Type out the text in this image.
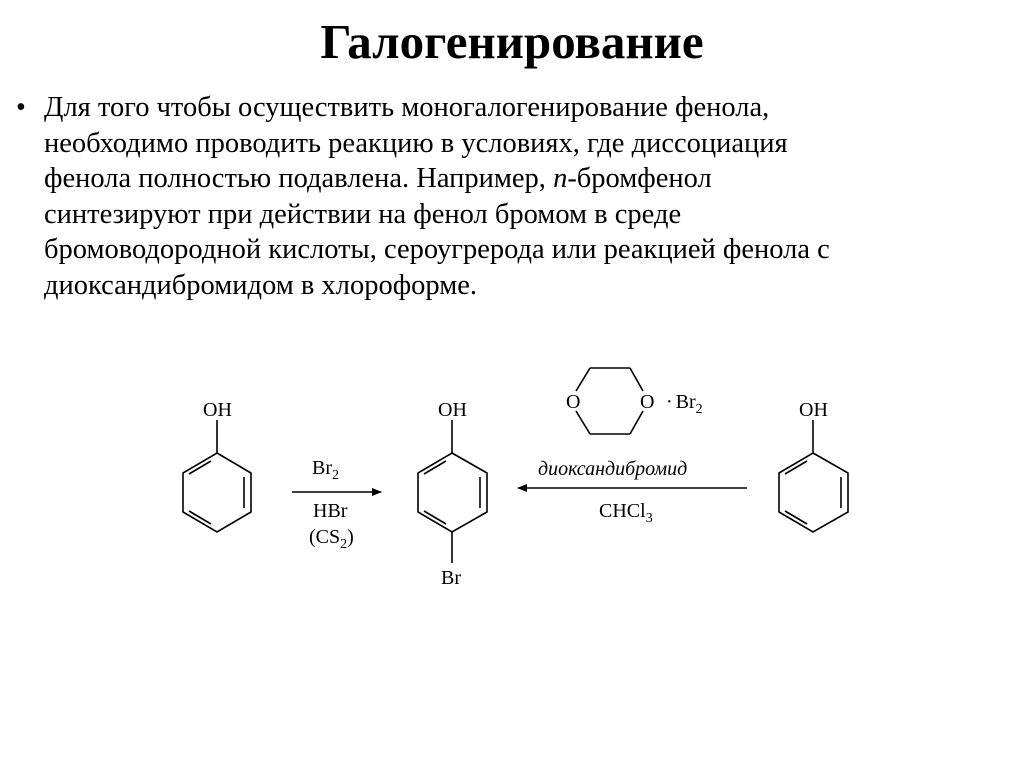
Галогенирование
• Для того чтобы осуществить моногалогенирование фенола,
необходимо проводить реакцию в условиях, где диссоциация
фенола полностью подавлена. Например, n-бромфенол
синтезируют при действии на фенол бромом в среде
бромоводородной кислоты, сероугрерода или реакцией фенола с
диоксандибромидом в хлороформе.
OH
$Br_2$
HBr
$(CS_2)$
OH
Br
O	$O \cdot Br_2$
диоксандибромид
CHCl$_3$
OH
